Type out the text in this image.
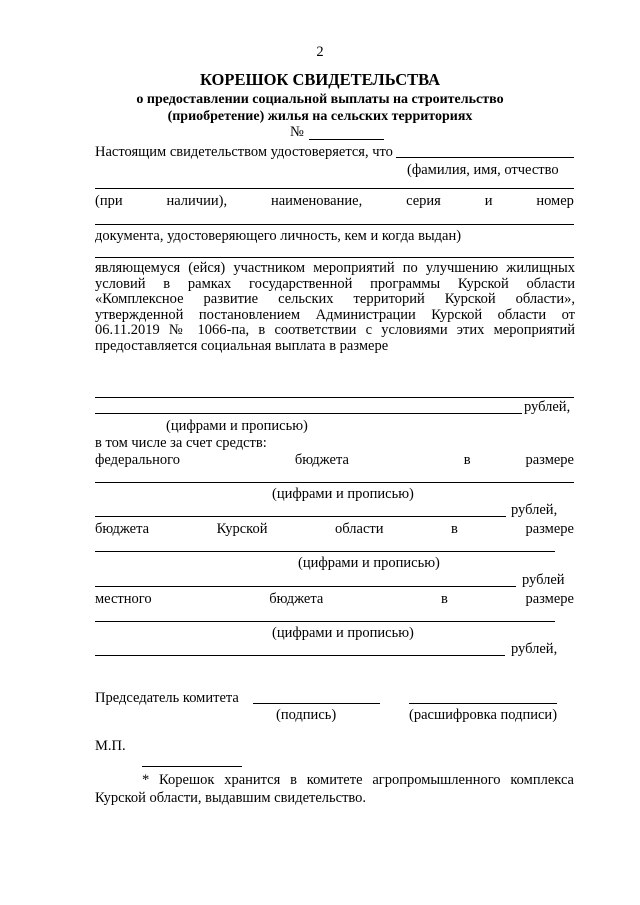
2
КОРЕШОК СВИДЕТЕЛЬСТВА
о предоставлении социальной выплаты на строительство
(приобретение) жилья на сельских территориях
№
Настоящим свидетельством удостоверяется, что
(фамилия, имя, отчество
(при	наличии),	наименование,	серия	и	номер
документа, удостоверяющего личность, кем и когда выдан)
являющемуся (ейся) участником мероприятий по улучшению жилищных
условий в рамках государственной программы Курской области
«Комплексное развитие сельских территорий Курской области»,
утвержденной постановлением Администрации Курской области от
06.11.2019 № 1066-па, в соответствии с условиями этих мероприятий
предоставляется социальная выплата в размере
рублей,
(цифрами и прописью)
в том числе за счет средств:
федерального	бюджета	в	размере
(цифрами и прописью)
рублей,
бюджета	Курской	области	в	размере
(цифрами и прописью)
рублей
местного	бюджета	в	размере
(цифрами и прописью)
рублей,
Председатель комитета
(подпись)	(расшифровка подписи)
М.П.
* Корешок хранится в комитете агропромышленного комплекса
Курской области, выдавшим свидетельство.
